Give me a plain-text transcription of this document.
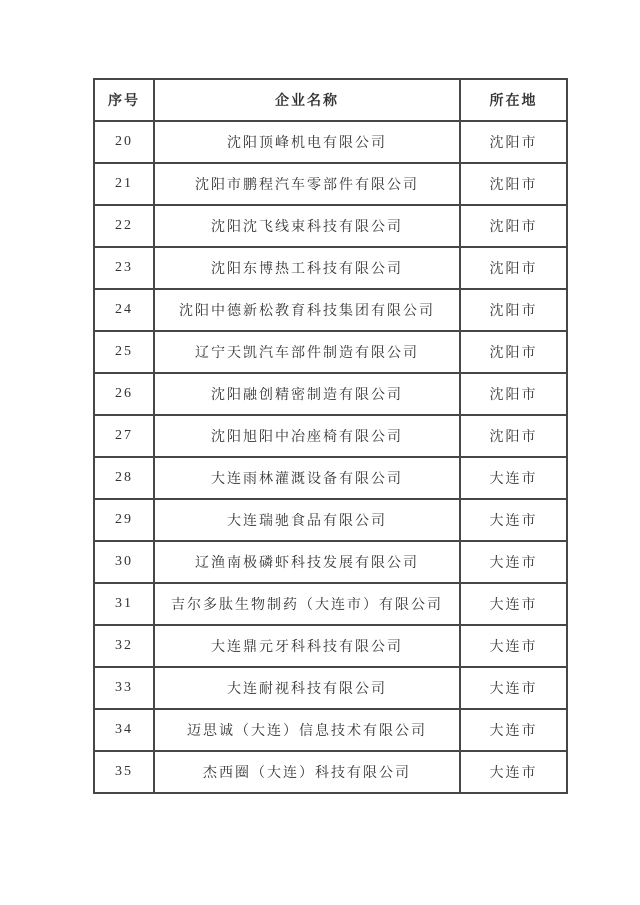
序号	企业名称	所在地
20	沈阳顶峰机电有限公司	沈阳市
21	沈阳市鹏程汽车零部件有限公司	沈阳市
22	沈阳沈飞线束科技有限公司	沈阳市
23	沈阳东博热工科技有限公司	沈阳市
24	沈阳中德新松教育科技集团有限公司	沈阳市
25	辽宁天凯汽车部件制造有限公司	沈阳市
26	沈阳融创精密制造有限公司	沈阳市
27	沈阳旭阳中冶座椅有限公司	沈阳市
28	大连雨林灌溉设备有限公司	大连市
29	大连瑞驰食品有限公司	大连市
30	辽渔南极磷虾科技发展有限公司	大连市
31	吉尔多肽生物制药（大连市）有限公司	大连市
32	大连鼎元牙科科技有限公司	大连市
33	大连耐视科技有限公司	大连市
34	迈思诚（大连）信息技术有限公司	大连市
35	杰西圈（大连）科技有限公司	大连市
